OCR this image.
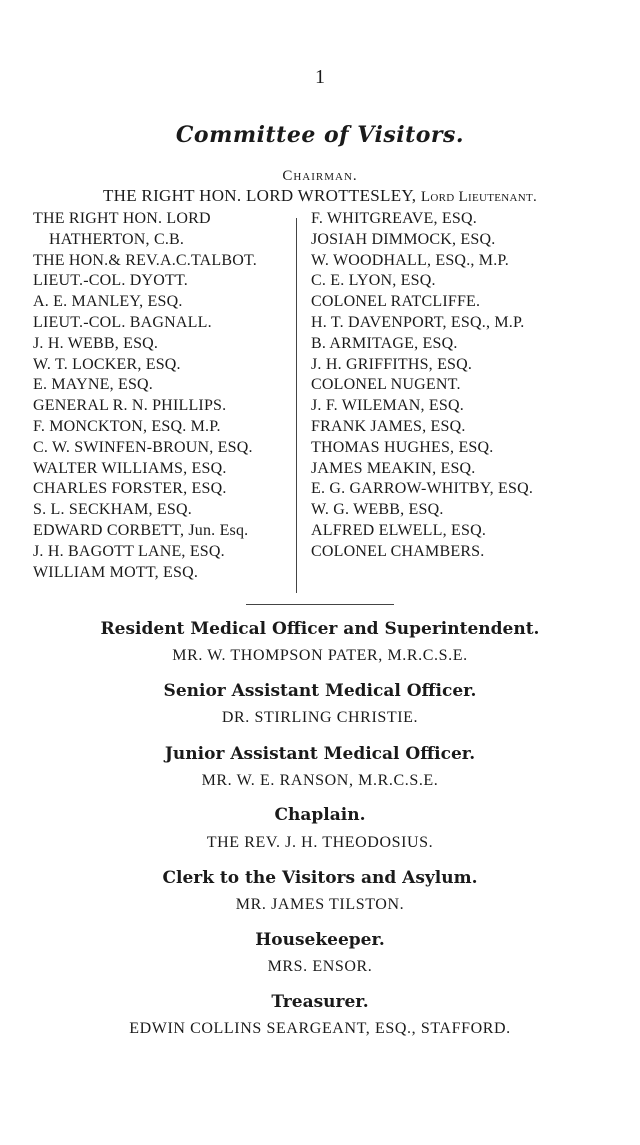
1
Committee of Visitors.
Chairman.
THE RIGHT HON. LORD WROTTESLEY, Lord Lieutenant.
THE RIGHT HON. LORD
HATHERTON, C.B.
THE HON.& REV.A.C.TALBOT.
LIEUT.-COL. DYOTT.
A. E. MANLEY, ESQ.
LIEUT.-COL. BAGNALL.
J. H. WEBB, ESQ.
W. T. LOCKER, ESQ.
E. MAYNE, ESQ.
GENERAL R. N. PHILLIPS.
F. MONCKTON, ESQ. M.P.
C. W. SWINFEN-BROUN, ESQ.
WALTER WILLIAMS, ESQ.
CHARLES FORSTER, ESQ.
S. L. SECKHAM, ESQ.
EDWARD CORBETT, Jun. Esq.
J. H. BAGOTT LANE, ESQ.
WILLIAM MOTT, ESQ.
F. WHITGREAVE, ESQ.
JOSIAH DIMMOCK, ESQ.
W. WOODHALL, ESQ., M.P.
C. E. LYON, ESQ.
COLONEL RATCLIFFE.
H. T. DAVENPORT, ESQ., M.P.
B. ARMITAGE, ESQ.
J. H. GRIFFITHS, ESQ.
COLONEL NUGENT.
J. F. WILEMAN, ESQ.
FRANK JAMES, ESQ.
THOMAS HUGHES, ESQ.
JAMES MEAKIN, ESQ.
E. G. GARROW-WHITBY, ESQ.
W. G. WEBB, ESQ.
ALFRED ELWELL, ESQ.
COLONEL CHAMBERS.
Resident Medical Officer and Superintendent.
MR. W. THOMPSON PATER, M.R.C.S.E.
Senior Assistant Medical Officer.
DR. STIRLING CHRISTIE.
Junior Assistant Medical Officer.
MR. W. E. RANSON, M.R.C.S.E.
Chaplain.
THE REV. J. H. THEODOSIUS.
Clerk to the Visitors and Asylum.
MR. JAMES TILSTON.
Housekeeper.
MRS. ENSOR.
Treasurer.
EDWIN COLLINS SEARGEANT, ESQ., STAFFORD.
